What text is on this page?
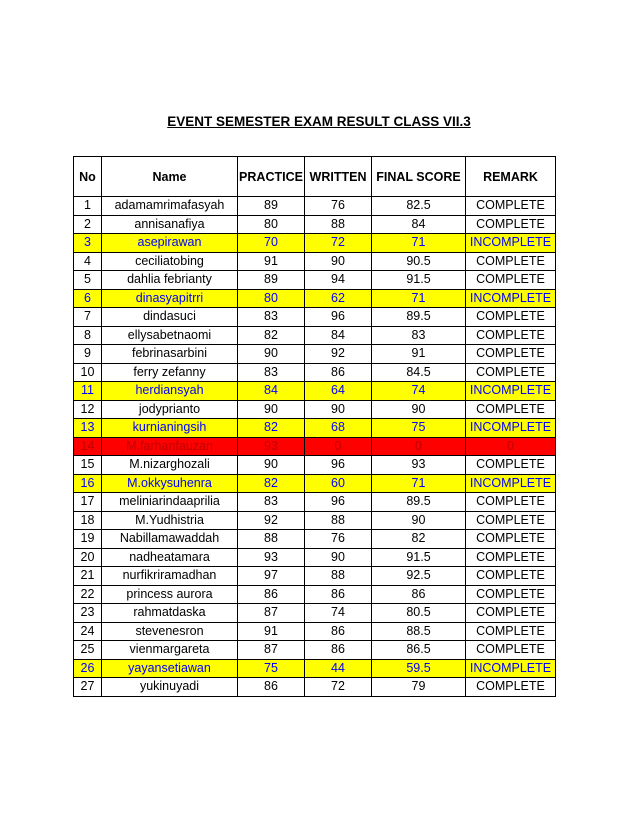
EVENT SEMESTER EXAM RESULT CLASS VII.3
No	Name	PRACTICE	WRITTEN	FINAL SCORE	REMARK
1	adamamrimafasyah	89	76	82.5	COMPLETE
2	annisanafiya	80	88	84	COMPLETE
3	asepirawan	70	72	71	INCOMPLETE
4	ceciliatobing	91	90	90.5	COMPLETE
5	dahlia febrianty	89	94	91.5	COMPLETE
6	dinasyapitrri	80	62	71	INCOMPLETE
7	dindasuci	83	96	89.5	COMPLETE
8	ellysabetnaomi	82	84	83	COMPLETE
9	febrinasarbini	90	92	91	COMPLETE
10	ferry zefanny	83	86	84.5	COMPLETE
11	herdiansyah	84	64	74	INCOMPLETE
12	jodyprianto	90	90	90	COMPLETE
13	kurnianingsih	82	68	75	INCOMPLETE
14	M.farhanfauzan	93	0	0	0
15	M.nizarghozali	90	96	93	COMPLETE
16	M.okkysuhenra	82	60	71	INCOMPLETE
17	meliniarindaaprilia	83	96	89.5	COMPLETE
18	M.Yudhistria	92	88	90	COMPLETE
19	Nabillamawaddah	88	76	82	COMPLETE
20	nadheatamara	93	90	91.5	COMPLETE
21	nurfikriramadhan	97	88	92.5	COMPLETE
22	princess aurora	86	86	86	COMPLETE
23	rahmatdaska	87	74	80.5	COMPLETE
24	stevenesron	91	86	88.5	COMPLETE
25	vienmargareta	87	86	86.5	COMPLETE
26	yayansetiawan	75	44	59.5	INCOMPLETE
27	yukinuyadi	86	72	79	COMPLETE
